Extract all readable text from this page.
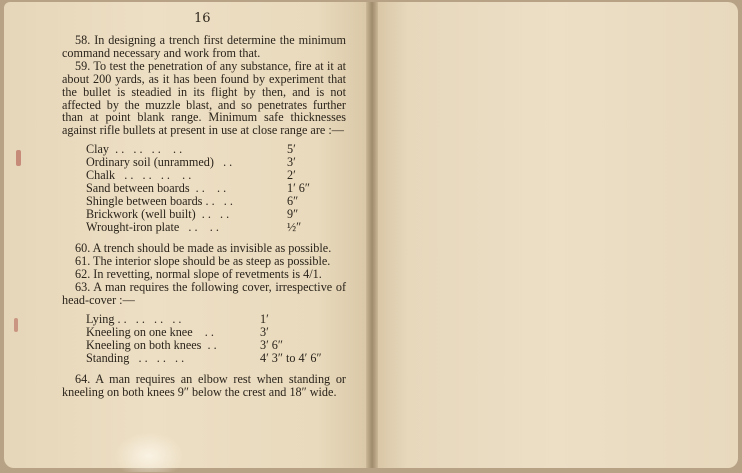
16

58. In designing a trench first determine the minimum command necessary and work from that.

59. To test the penetration of any substance, fire at it at about 200 yards, as it has been found by experiment that the bullet is steadied in its flight by then, and is not affected by the muzzle blast, and so penetrates further than at point blank range. Minimum safe thicknesses against rifle bullets at present in use at close range are :—

Clay  . .   . .   . .    . .	5′
Ordinary soil (unrammed)   . .	3′
Chalk   . .   . .   . .    . .	2′
Sand between boards  . .    . .	1′ 6″
Shingle between boards . .   . .	6″
Brickwork (well built)  . .   . .	9″
Wrought-iron plate   . .    . .	½″

60. A trench should be made as invisible as possible.

61. The interior slope should be as steep as possible.

62. In revetting, normal slope of revetments is 4/1.

63. A man requires the following cover, irrespective of head-cover :—

Lying . .   . .   . .   . .	1′
Kneeling on one knee    . .	3′
Kneeling on both knees  . .	3′ 6″
Standing   . .   . .   . .	4′ 3″ to 4′ 6″

64. A man requires an elbow rest when standing or kneeling on both knees 9″ below the crest and 18″ wide.
